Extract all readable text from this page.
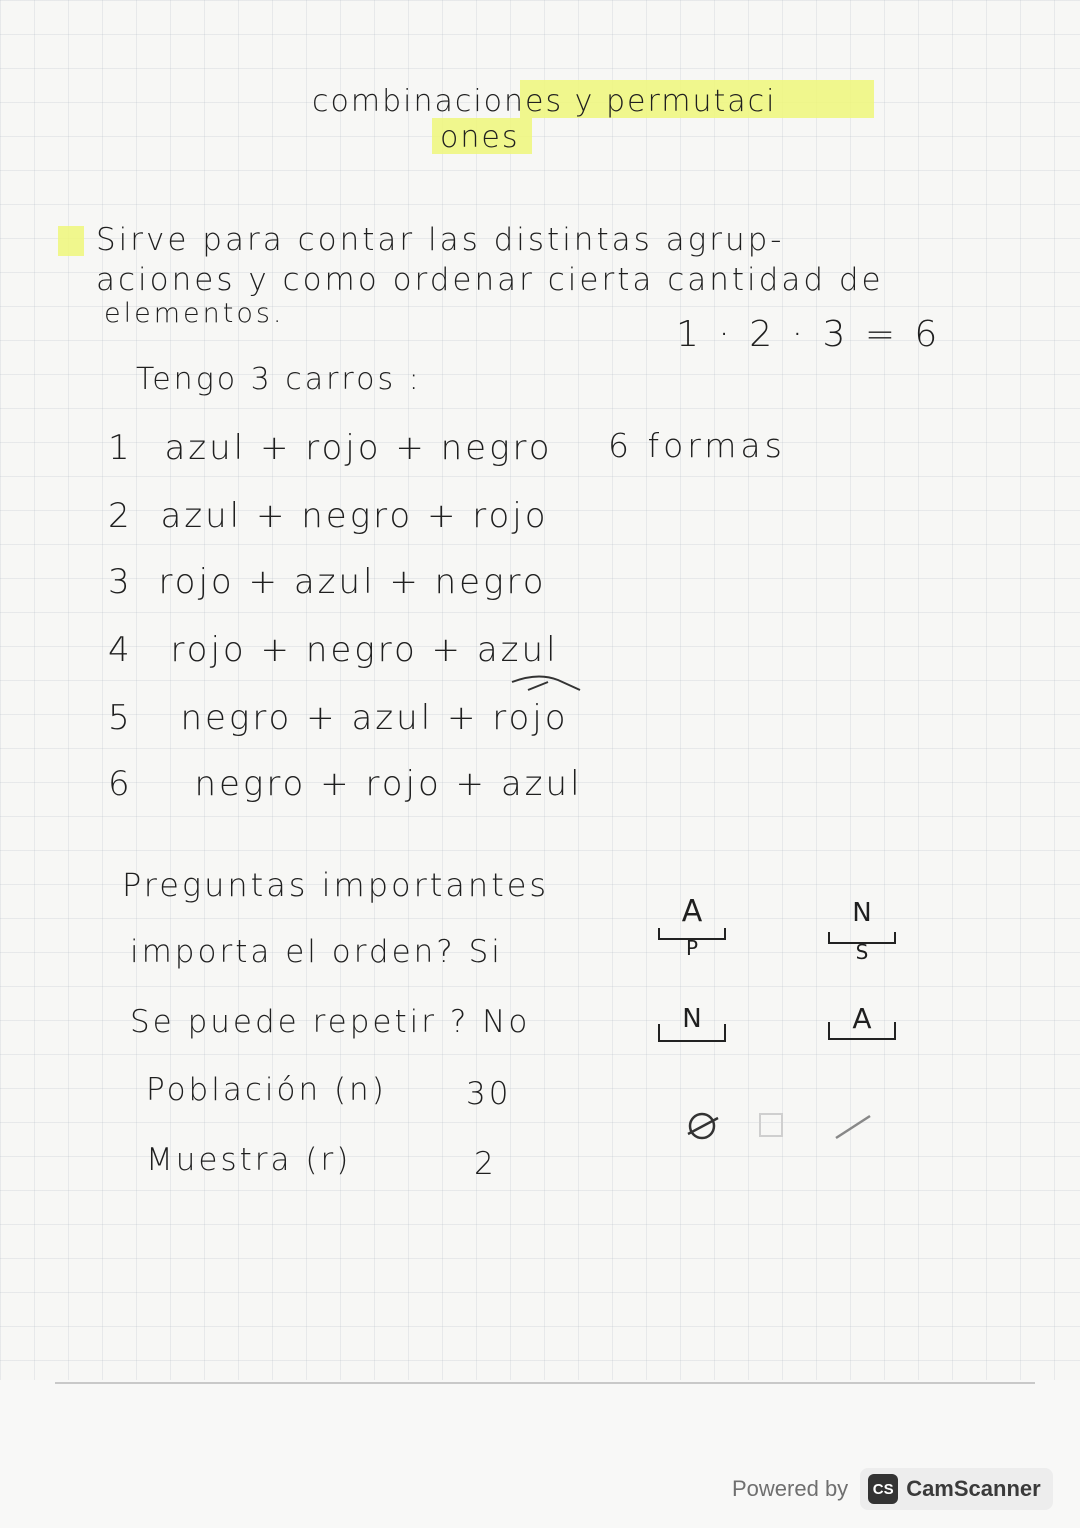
combinaciones y permutaci
ones
Sirve para contar las distintas agrup-
aciones y como ordenar cierta cantidad de
elementos.
1 · 2 · 3 = 6
Tengo 3 carros :
6 formas
1 azul + rojo + negro
2 azul + negro + rojo
3 rojo + azul + negro
4 rojo + negro + azul
5 negro + azul + rojo
6 negro + rojo + azul
Preguntas importantes
importa el orden? Si
Se puede repetir ? No
Población (n)	30
Muestra (r)	2
A
P
N
S
N	A
Powered by	CS CamScanner
